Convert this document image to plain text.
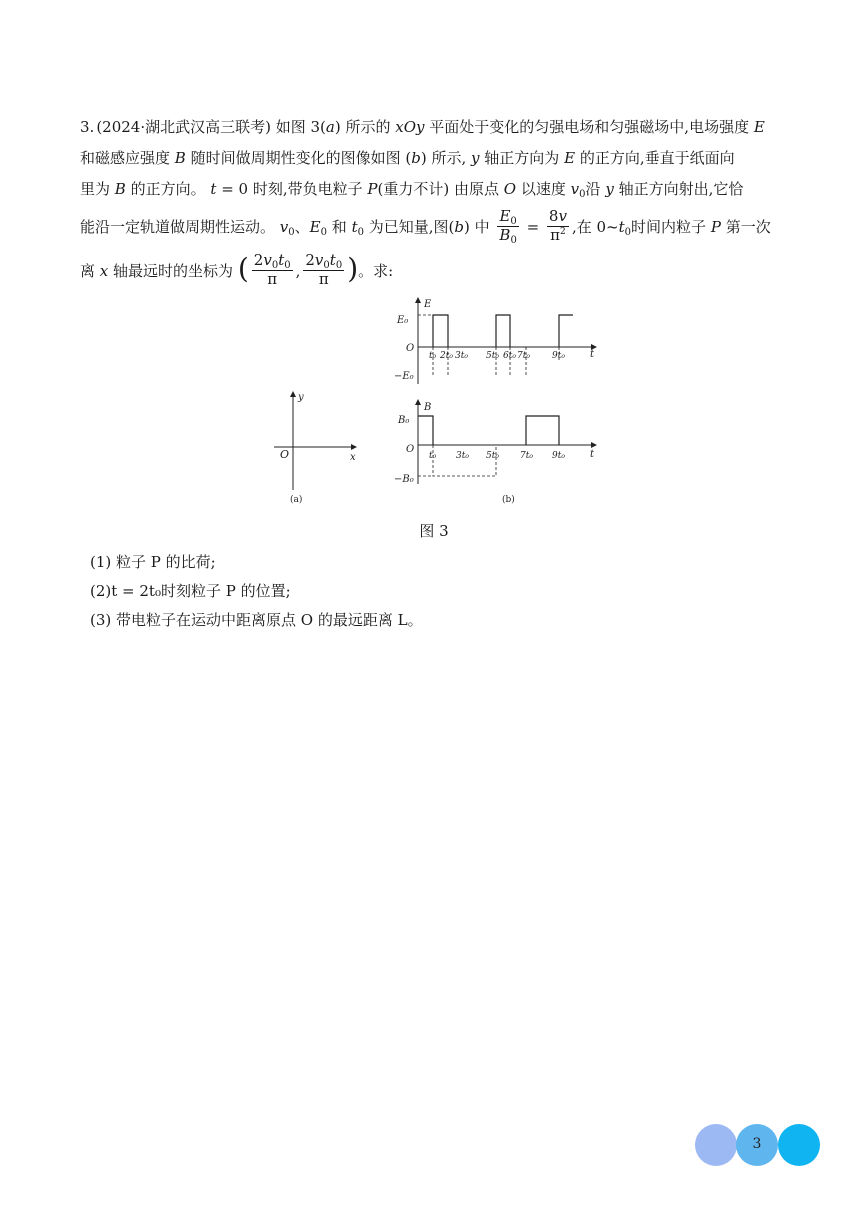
3. (2024·湖北武汉高三联考) 如图 3(a) 所示的 xOy 平面处于变化的匀强电场和匀强磁场中,电场强度 E
和磁感应强度 B 随时间做周期性变化的图像如图 (b) 所示, y 轴正方向为 E 的正方向,垂直于纸面向
里为 B 的正方向。 t = 0 时刻,带负电粒子 P(重力不计) 由原点 O 以速度 $v_0$沿 y 轴正方向射出,它恰
能沿一定轨道做周期性运动。 $v_0$、$E_0$ 和 $t_0$ 为已知量,图(b) 中 $\frac{E_0}{B_0} = \frac{8v}{\pi^2}$ ,在 $0\sim t_0$时间内粒子 P 第一次
离 x 轴最远时的坐标为 ( $\frac{2v_0t_0}{\pi}$ , $\frac{2v_0t_0}{\pi}$ )。求:
y
x
O
(a)
E
t
E₀
O
−E₀
t₀ 2t₀ 3t₀ 5t₀ 6t₀ 7t₀ 9t₀
B
t
B₀
O
−B₀
t₀ 3t₀ 5t₀ 7t₀ 9t₀
(b)
图 3
(1) 粒子 P 的比荷;
(2)t = 2t₀时刻粒子 P 的位置;
(3) 带电粒子在运动中距离原点 O 的最远距离 L。
3
